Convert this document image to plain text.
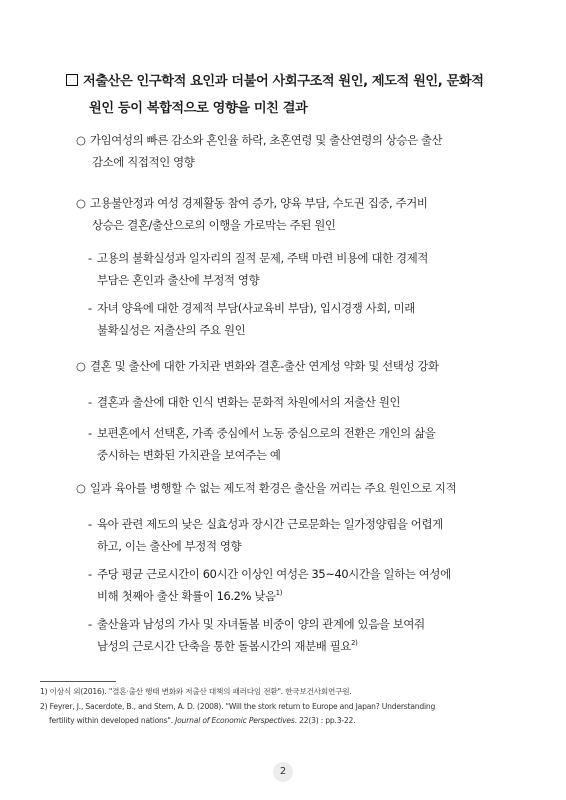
저출산은 인구학적 요인과 더불어 사회구조적 원인, 제도적 원인, 문화적
원인 등이 복합적으로 영향을 미친 결과
○ 가임여성의 빠른 감소와 혼인율 하락, 초혼연령 및 출산연령의 상승은 출산
감소에 직접적인 영향
○ 고용불안정과 여성 경제활동 참여 증가, 양육 부담, 수도권 집중, 주거비
상승은 결혼/출산으로의 이행을 가로막는 주된 원인
- 고용의 불확실성과 일자리의 질적 문제, 주택 마련 비용에 대한 경제적
부담은 혼인과 출산에 부정적 영향
- 자녀 양육에 대한 경제적 부담(사교육비 부담), 입시경쟁 사회, 미래
불확실성은 저출산의 주요 원인
○ 결혼 및 출산에 대한 가치관 변화와 결혼-출산 연계성 약화 및 선택성 강화
- 결혼과 출산에 대한 인식 변화는 문화적 차원에서의 저출산 원인
- 보편혼에서 선택혼, 가족 중심에서 노동 중심으로의 전환은 개인의 삶을
중시하는 변화된 가치관을 보여주는 예
○ 일과 육아를 병행할 수 없는 제도적 환경은 출산을 꺼리는 주요 원인으로 지적
- 육아 관련 제도의 낮은 실효성과 장시간 근로문화는 일가정양립을 어렵게
하고, 이는 출산에 부정적 영향
- 주당 평균 근로시간이 60시간 이상인 여성은 35~40시간을 일하는 여성에
비해 첫째아 출산 확률이 16.2% 낮음$^{1)}$
- 출산율과 남성의 가사 및 자녀돌봄 비중이 양의 관계에 있음을 보여줘
남성의 근로시간 단축을 통한 돌봄시간의 재분배 필요$^{2)}$
1) 이삼식 외(2016). "결혼·출산 행태 변화와 저출산 대책의 패러다임 전환". 한국보건사회연구원.
2) Feyrer, J., Sacerdote, B., and Stern, A. D. (2008). "Will the stork return to Europe and Japan? Understanding
fertility within developed nations". Journal of Economic Perspectives. 22(3) : pp.3-22.
2
